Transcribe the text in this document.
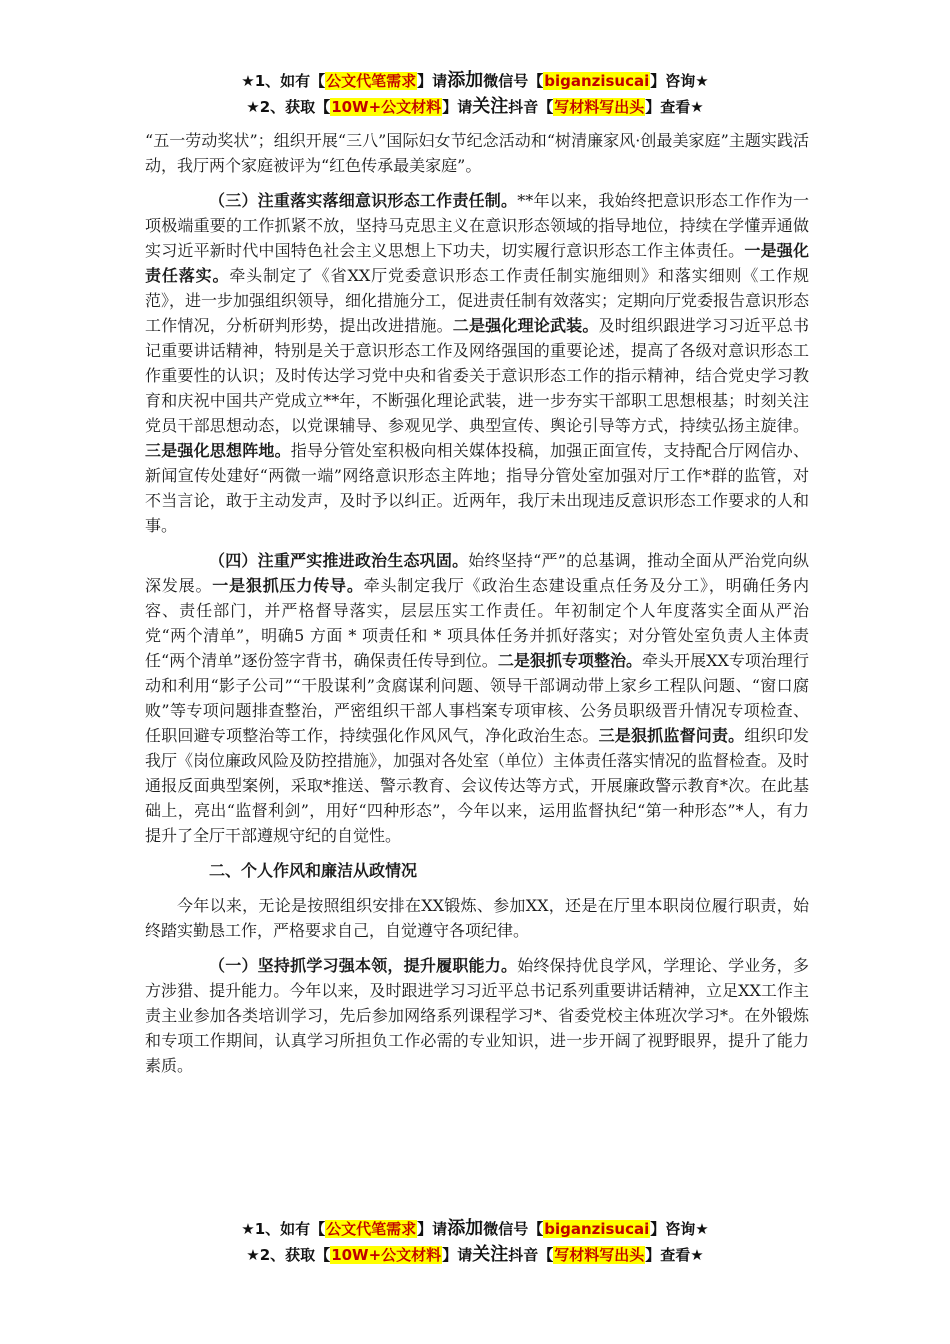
★1、如有【公文代笔需求】请添加微信号【biganzisucai】咨询★
★2、获取【10W+公文材料】请关注抖音【写材料写出头】查看★

“五一劳动奖状”；组织开展“三八”国际妇女节纪念活动和“树清廉家风·创最美家庭”主题实践活动，我厅两个家庭被评为“红色传承最美家庭”。

（三）注重落实落细意识形态工作责任制。**年以来，我始终把意识形态工作作为一项极端重要的工作抓紧不放，坚持马克思主义在意识形态领域的指导地位，持续在学懂弄通做实习近平新时代中国特色社会主义思想上下功夫，切实履行意识形态工作主体责任。一是强化责任落实。牵头制定了《省XX厅党委意识形态工作责任制实施细则》和落实细则《工作规范》，进一步加强组织领导，细化措施分工，促进责任制有效落实；定期向厅党委报告意识形态工作情况，分析研判形势，提出改进措施。二是强化理论武装。及时组织跟进学习习近平总书记重要讲话精神，特别是关于意识形态工作及网络强国的重要论述，提高了各级对意识形态工作重要性的认识；及时传达学习党中央和省委关于意识形态工作的指示精神，结合党史学习教育和庆祝中国共产党成立**年，不断强化理论武装，进一步夯实干部职工思想根基；时刻关注党员干部思想动态，以党课辅导、参观见学、典型宣传、舆论引导等方式，持续弘扬主旋律。三是强化思想阵地。指导分管处室积极向相关媒体投稿，加强正面宣传，支持配合厅网信办、新闻宣传处建好“两微一端”网络意识形态主阵地；指导分管处室加强对厅工作*群的监管，对不当言论，敢于主动发声，及时予以纠正。近两年，我厅未出现违反意识形态工作要求的人和事。

（四）注重严实推进政治生态巩固。始终坚持“严”的总基调，推动全面从严治党向纵深发展。一是狠抓压力传导。牵头制定我厅《政治生态建设重点任务及分工》，明确任务内容、责任部门，并严格督导落实，层层压实工作责任。年初制定个人年度落实全面从严治党“两个清单”，明确5 方面 * 项责任和 * 项具体任务并抓好落实；对分管处室负责人主体责任“两个清单”逐份签字背书，确保责任传导到位。二是狠抓专项整治。牵头开展XX专项治理行动和利用“影子公司”“干股谋利”贪腐谋利问题、领导干部调动带上家乡工程队问题、“窗口腐败”等专项问题排查整治，严密组织干部人事档案专项审核、公务员职级晋升情况专项检查、任职回避专项整治等工作，持续强化作风风气，净化政治生态。三是狠抓监督问责。组织印发我厅《岗位廉政风险及防控措施》，加强对各处室（单位）主体责任落实情况的监督检查。及时通报反面典型案例，采取*推送、警示教育、会议传达等方式，开展廉政警示教育*次。在此基础上，亮出“监督利剑”，用好“四种形态”，今年以来，运用监督执纪“第一种形态”*人，有力提升了全厅干部遵规守纪的自觉性。

二、个人作风和廉洁从政情况

今年以来，无论是按照组织安排在XX锻炼、参加XX，还是在厅里本职岗位履行职责，始终踏实勤恳工作，严格要求自己，自觉遵守各项纪律。

（一）坚持抓学习强本领，提升履职能力。始终保持优良学风，学理论、学业务，多方涉猎、提升能力。今年以来，及时跟进学习习近平总书记系列重要讲话精神，立足XX工作主责主业参加各类培训学习，先后参加网络系列课程学习*、省委党校主体班次学习*。在外锻炼和专项工作期间，认真学习所担负工作必需的专业知识，进一步开阔了视野眼界，提升了能力素质。

★1、如有【公文代笔需求】请添加微信号【biganzisucai】咨询★
★2、获取【10W+公文材料】请关注抖音【写材料写出头】查看★
